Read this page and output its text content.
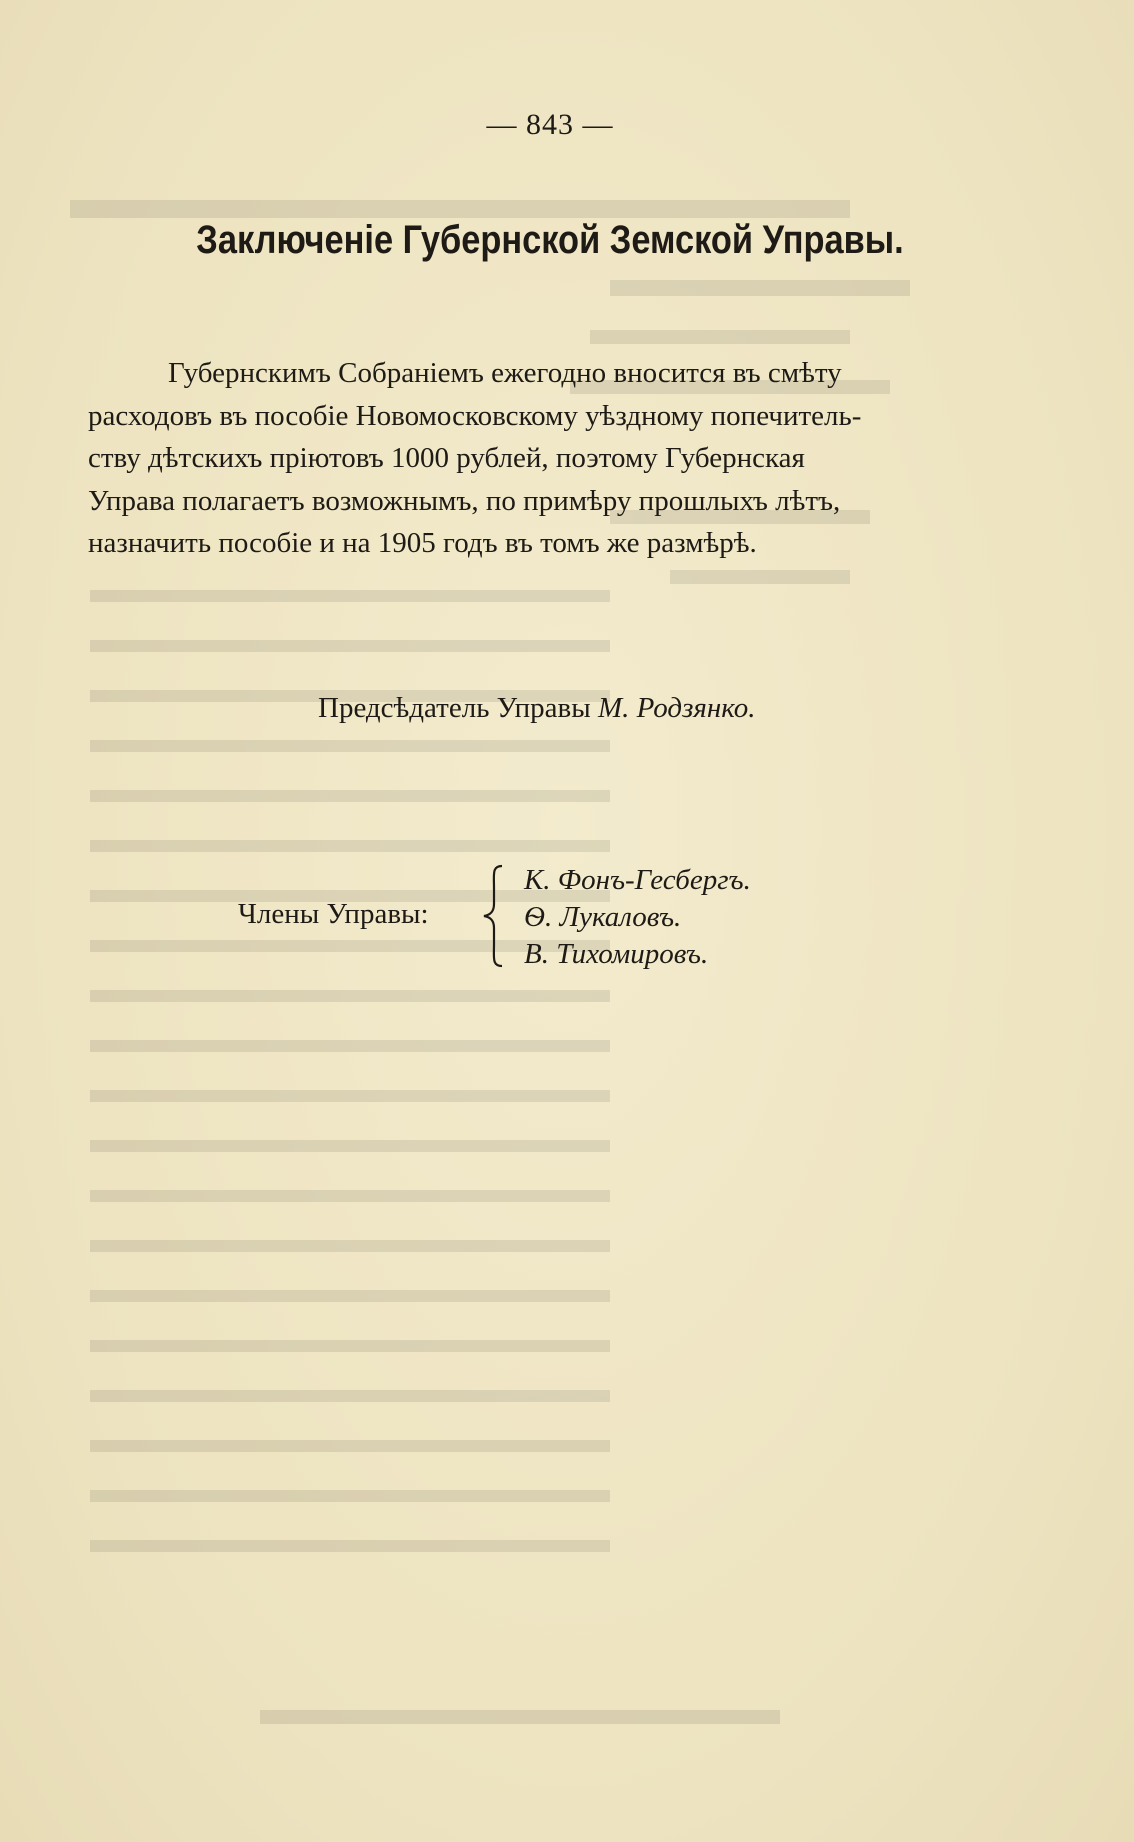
— 843 —
Заключеніе Губернской Земской Управы.
Губернскимъ Собраніемъ ежегодно вносится въ смѣту
расходовъ въ пособіе Новомосковскому уѣздному попечитель-
ству дѣтскихъ пріютовъ 1000 рублей, поэтому Губернская
Управа полагаетъ возможнымъ, по примѣру прошлыхъ лѣтъ,
назначить пособіе и на 1905 годъ въ томъ же размѣрѣ.
Предсѣдатель Управы М. Родзянко.
Члены Управы:
К. Фонъ-Гесбергъ.
Ѳ. Лукаловъ.
В. Тихомировъ.
